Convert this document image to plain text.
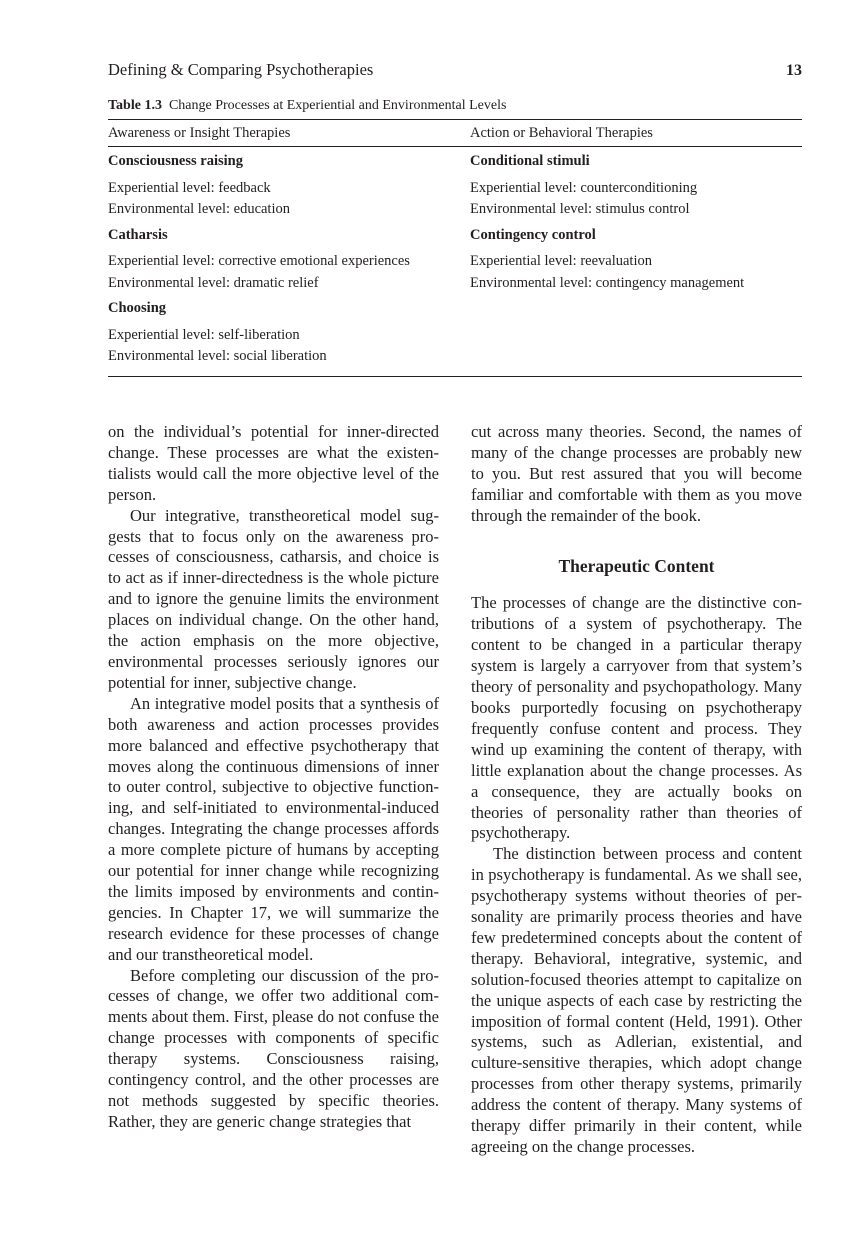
Defining & Comparing Psychotherapies	13
Table 1.3 Change Processes at Experiential and Environmental Levels
Awareness or Insight Therapies	Action or Behavioral Therapies
Consciousness raising	Conditional stimuli
Experiential level: feedback	Experiential level: counterconditioning
Environmental level: education	Environmental level: stimulus control
Catharsis	Contingency control
Experiential level: corrective emotional experiences	Experiential level: reevaluation
Environmental level: dramatic relief	Environmental level: contingency management
Choosing
Experiential level: self-liberation
Environmental level: social liberation

on the individual’s potential for inner-directed change. These processes are what the existentialists would call the more objective level of the person.

Our integrative, transtheoretical model suggests that to focus only on the awareness processes of consciousness, catharsis, and choice is to act as if inner-directedness is the whole picture and to ignore the genuine limits the environment places on individual change. On the other hand, the action emphasis on the more objective, environmental processes seriously ignores our potential for inner, subjective change.

An integrative model posits that a synthesis of both awareness and action processes provides more balanced and effective psychotherapy that moves along the continuous dimensions of inner to outer control, subjective to objective functioning, and self-initiated to environmental-induced changes. Integrating the change processes affords a more complete picture of humans by accepting our potential for inner change while recognizing the limits imposed by environments and contingencies. In Chapter 17, we will summarize the research evidence for these processes of change and our transtheoretical model.

Before completing our discussion of the processes of change, we offer two additional comments about them. First, please do not confuse the change processes with components of specific therapy systems. Consciousness raising, contingency control, and the other processes are not methods suggested by specific theories. Rather, they are generic change strategies that

cut across many theories. Second, the names of many of the change processes are probably new to you. But rest assured that you will become familiar and comfortable with them as you move through the remainder of the book.

Therapeutic Content

The processes of change are the distinctive contributions of a system of psychotherapy. The content to be changed in a particular therapy system is largely a carryover from that system’s theory of personality and psychopathology. Many books purportedly focusing on psychotherapy frequently confuse content and process. They wind up examining the content of therapy, with little explanation about the change processes. As a consequence, they are actually books on theories of personality rather than theories of psychotherapy.

The distinction between process and content in psychotherapy is fundamental. As we shall see, psychotherapy systems without theories of personality are primarily process theories and have few predetermined concepts about the content of therapy. Behavioral, integrative, systemic, and solution-focused theories attempt to capitalize on the unique aspects of each case by restricting the imposition of formal content (Held, 1991). Other systems, such as Adlerian, existential, and culture-sensitive therapies, which adopt change processes from other therapy systems, primarily address the content of therapy. Many systems of therapy differ primarily in their content, while agreeing on the change processes.
